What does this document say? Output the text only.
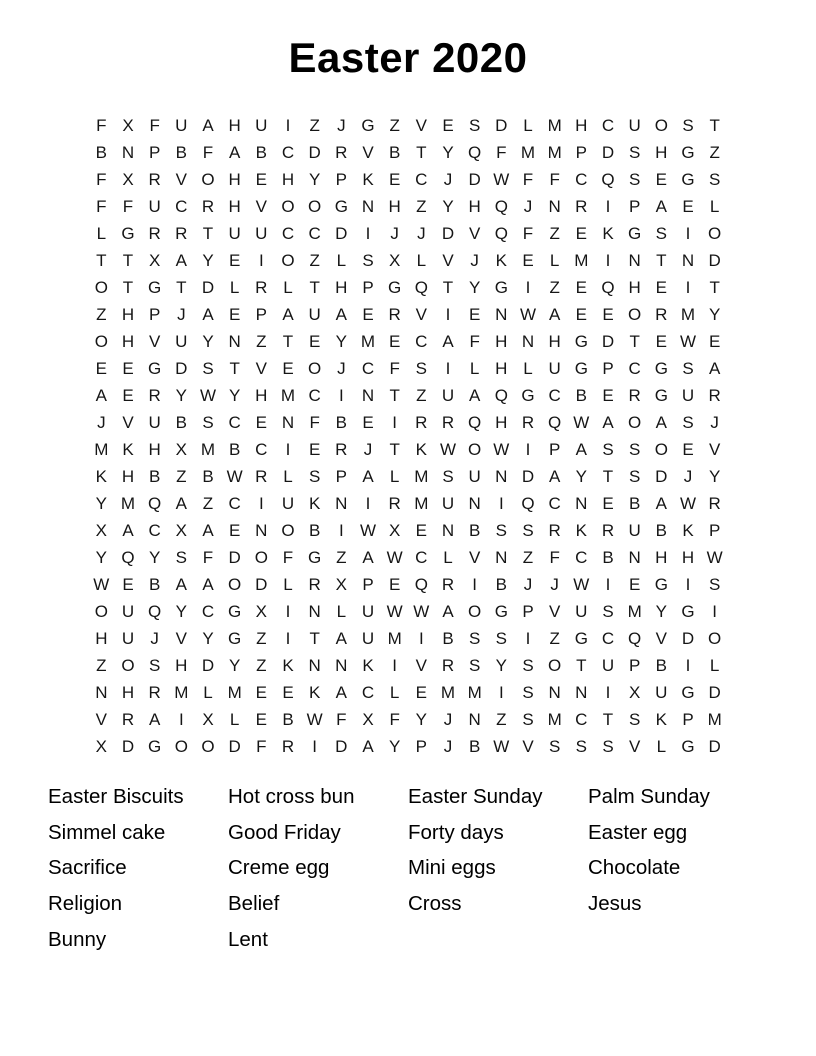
Easter 2020
F X F U A H U	I	Z	J G Z V E S D L M H C U O S T
B N P B F A B C D R V B T Y Q F M M P D S H G Z
F X R V O H E H Y P K E C J D W F F C Q S E G S
F F U C R H V O O G N H Z Y H Q J N R	I	P A E L
L G R R T U U C C D	I	J	J D V Q F Z E K G S	I	O
T T X A Y E	I	O Z L S X L V J K E L M	I	N T N D
O T G T D L R L T H P G Q T Y G	I	Z E Q H E	I	T
Z H P J A E P A U A E R V	I	E N W A E E O R M Y
O H V U Y N Z T E Y M E C A F H N H G D T E W E
E E G D S T V E O J C F S	I	L H L U G P C G S A
A E R Y W Y H M C	I	N T Z U A Q G C B E R G U R
J V U B S C E N F B E	I	R R Q H R Q W A O A S J
M K H X M B C	I	E R J	T K W O W I	P A S S O E V
K H B Z B W R L S P A L M S U N D A Y T S D J Y
Y M Q A Z C	I	U K N	I	R M U N	I	Q C N E B A W R
X A C X A E N O B	I W X E N B S S R K R U B K P
Y Q Y S F D O F G Z A W C L V N Z F C B N H H W
W E B A A O D L R X P E Q R	I	B J	J W I	E G	I	S
O U Q Y C G X	I	N L U W W A O G P V U S M Y G	I
H U J V Y G Z	I	T A U M	I	B S S	I	Z G C Q V D O
Z O S H D Y Z K N N K	I	V R S Y S O T U P B	I	L
N H R M L M E E K A C L E M M	I	S N N	I	X U G D
V R A	I	X L E B W F X F Y J N Z S M C T S K P M
X D G O O D F R	I	D A Y P J B W V S S S V L G D
Easter Biscuits
Simmel cake
Sacrifice
Religion
Bunny
Hot cross bun
Good Friday
Creme egg
Belief
Lent
Easter Sunday
Forty days
Mini eggs
Cross
Palm Sunday
Easter egg
Chocolate
Jesus
